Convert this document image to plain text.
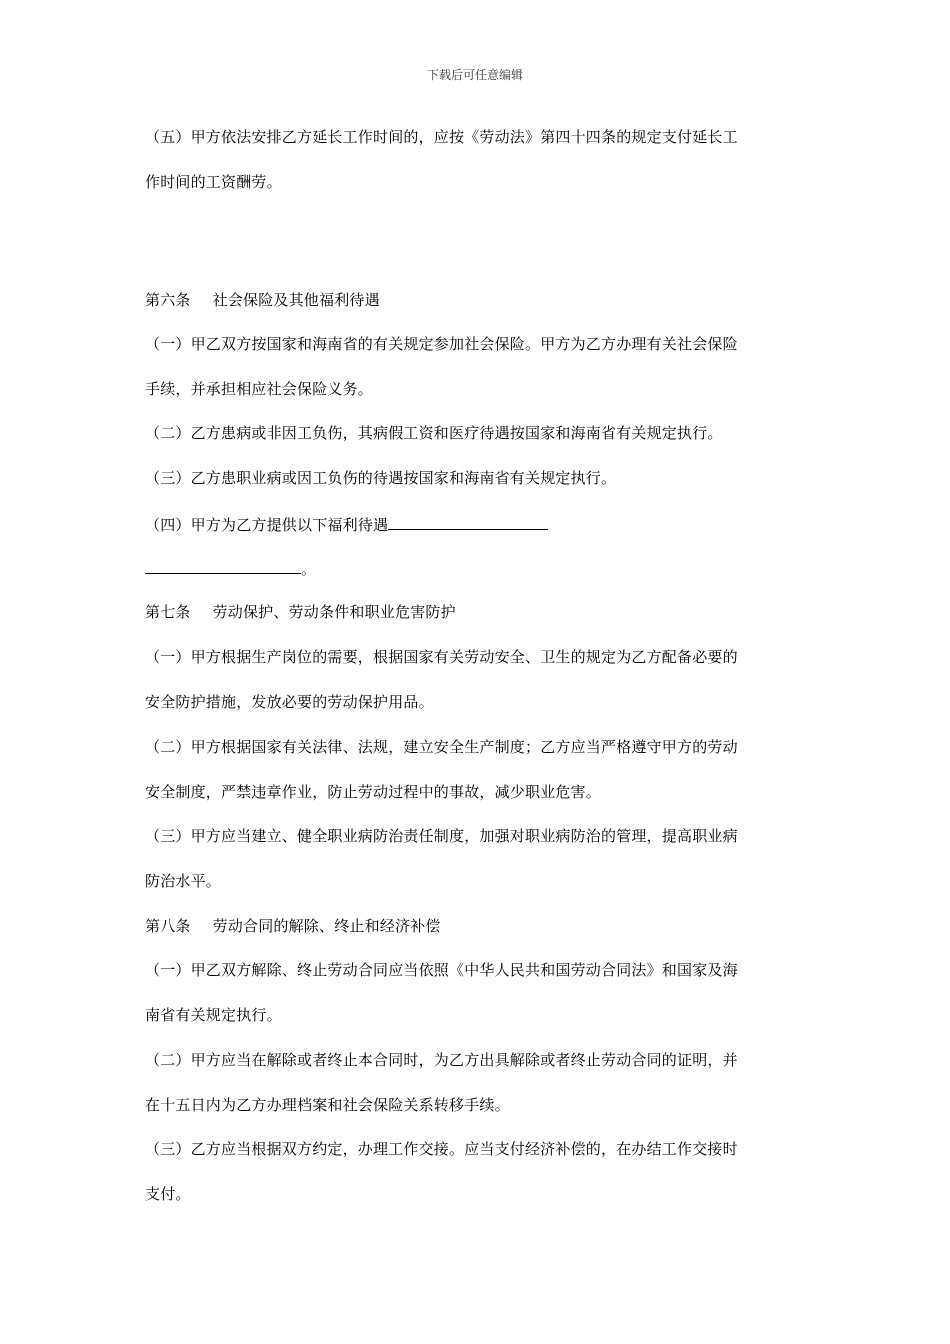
下载后可任意编辑
（五）甲方依法安排乙方延长工作时间的，应按《劳动法》第四十四条的规定支付延长工
作时间的工资酬劳。
第六条 社会保险及其他福利待遇
（一）甲乙双方按国家和海南省的有关规定参加社会保险。甲方为乙方办理有关社会保险
手续，并承担相应社会保险义务。
（二）乙方患病或非因工负伤，其病假工资和医疗待遇按国家和海南省有关规定执行。
（三）乙方患职业病或因工负伤的待遇按国家和海南省有关规定执行。
（四）甲方为乙方提供以下福利待遇
。
第七条 劳动保护、劳动条件和职业危害防护
（一）甲方根据生产岗位的需要，根据国家有关劳动安全、卫生的规定为乙方配备必要的
安全防护措施，发放必要的劳动保护用品。
（二）甲方根据国家有关法律、法规，建立安全生产制度；乙方应当严格遵守甲方的劳动
安全制度，严禁违章作业，防止劳动过程中的事故，减少职业危害。
（三）甲方应当建立、健全职业病防治责任制度，加强对职业病防治的管理，提高职业病
防治水平。
第八条 劳动合同的解除、终止和经济补偿
（一）甲乙双方解除、终止劳动合同应当依照《中华人民共和国劳动合同法》和国家及海
南省有关规定执行。
（二）甲方应当在解除或者终止本合同时，为乙方出具解除或者终止劳动合同的证明，并
在十五日内为乙方办理档案和社会保险关系转移手续。
（三）乙方应当根据双方约定，办理工作交接。应当支付经济补偿的，在办结工作交接时
支付。
